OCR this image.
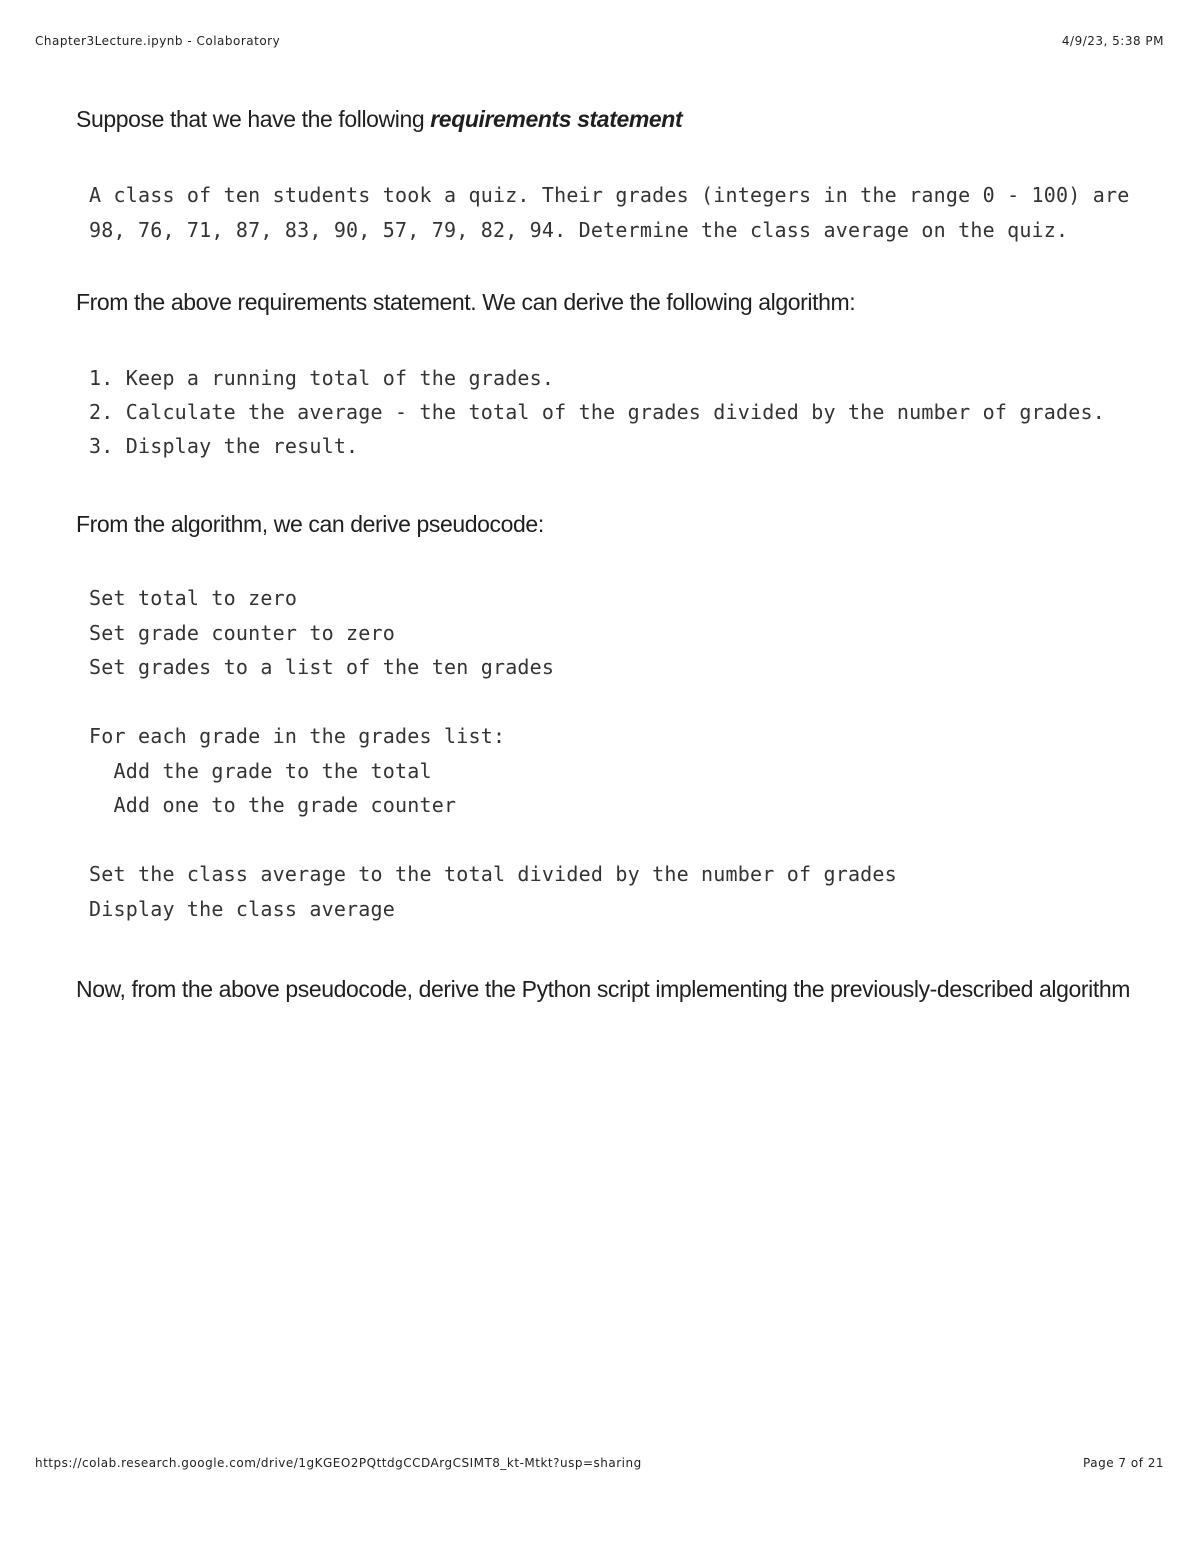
Chapter3Lecture.ipynb - Colaboratory	4/9/23, 5:38 PM

Suppose that we have the following requirements statement

A class of ten students took a quiz. Their grades (integers in the range 0 - 100) are
98, 76, 71, 87, 83, 90, 57, 79, 82, 94. Determine the class average on the quiz.

From the above requirements statement. We can derive the following algorithm:

1. Keep a running total of the grades.
2. Calculate the average - the total of the grades divided by the number of grades.
3. Display the result.

From the algorithm, we can derive pseudocode:

Set total to zero
Set grade counter to zero
Set grades to a list of the ten grades

For each grade in the grades list:
Add the grade to the total
Add one to the grade counter

Set the class average to the total divided by the number of grades
Display the class average

Now, from the above pseudocode, derive the Python script implementing the previously-described algorithm

https://colab.research.google.com/drive/1gKGEO2PQttdgCCDArgCSIMT8_kt-Mtkt?usp=sharing	Page 7 of 21
